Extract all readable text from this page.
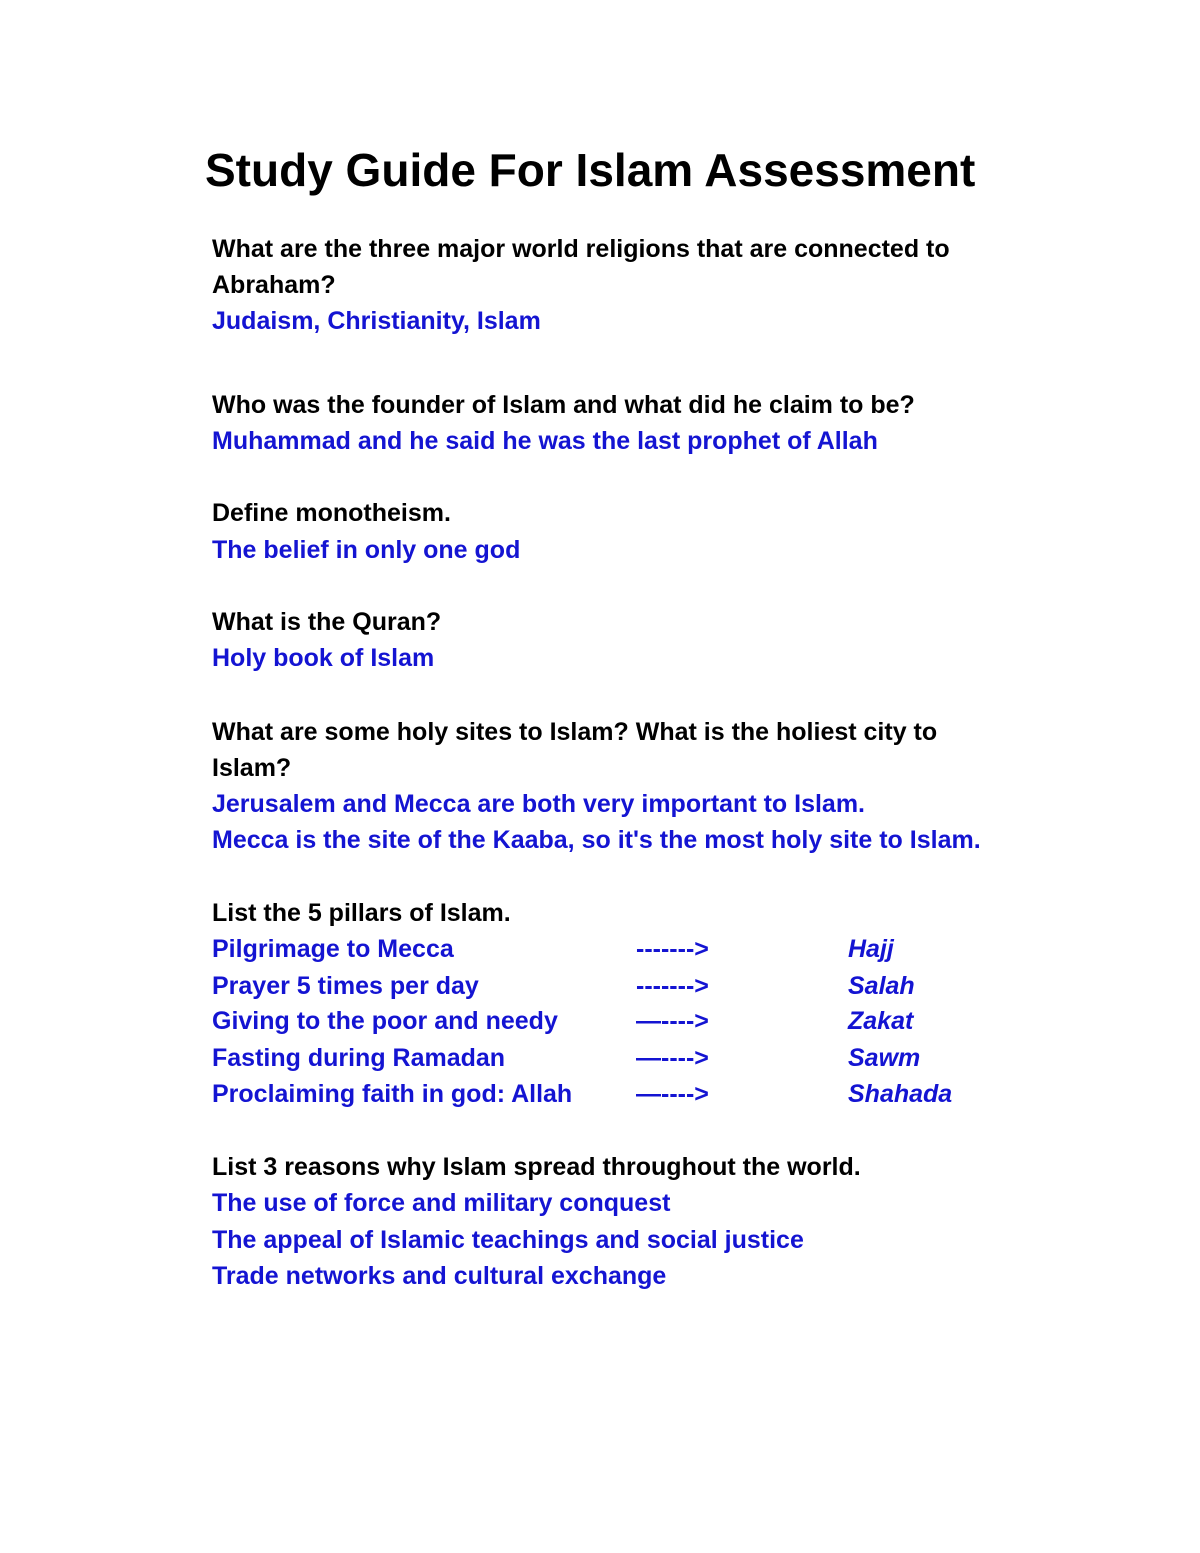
Study Guide For Islam Assessment
What are the three major world religions that are connected to
Abraham?
Judaism, Christianity, Islam
Who was the founder of Islam and what did he claim to be?
Muhammad and he said he was the last prophet of Allah
Define monotheism.
The belief in only one god
What is the Quran?
Holy book of Islam
What are some holy sites to Islam? What is the holiest city to
Islam?
Jerusalem and Mecca are both very important to Islam.
Mecca is the site of the Kaaba, so it's the most holy site to Islam.
List the 5 pillars of Islam.
Pilgrimage to Mecca	------->	Hajj
Prayer 5 times per day	------->	Salah
Giving to the poor and needy	—---->	Zakat
Fasting during Ramadan	—---->	Sawm
Proclaiming faith in god: Allah	—---->	Shahada
List 3 reasons why Islam spread throughout the world.
The use of force and military conquest
The appeal of Islamic teachings and social justice
Trade networks and cultural exchange
